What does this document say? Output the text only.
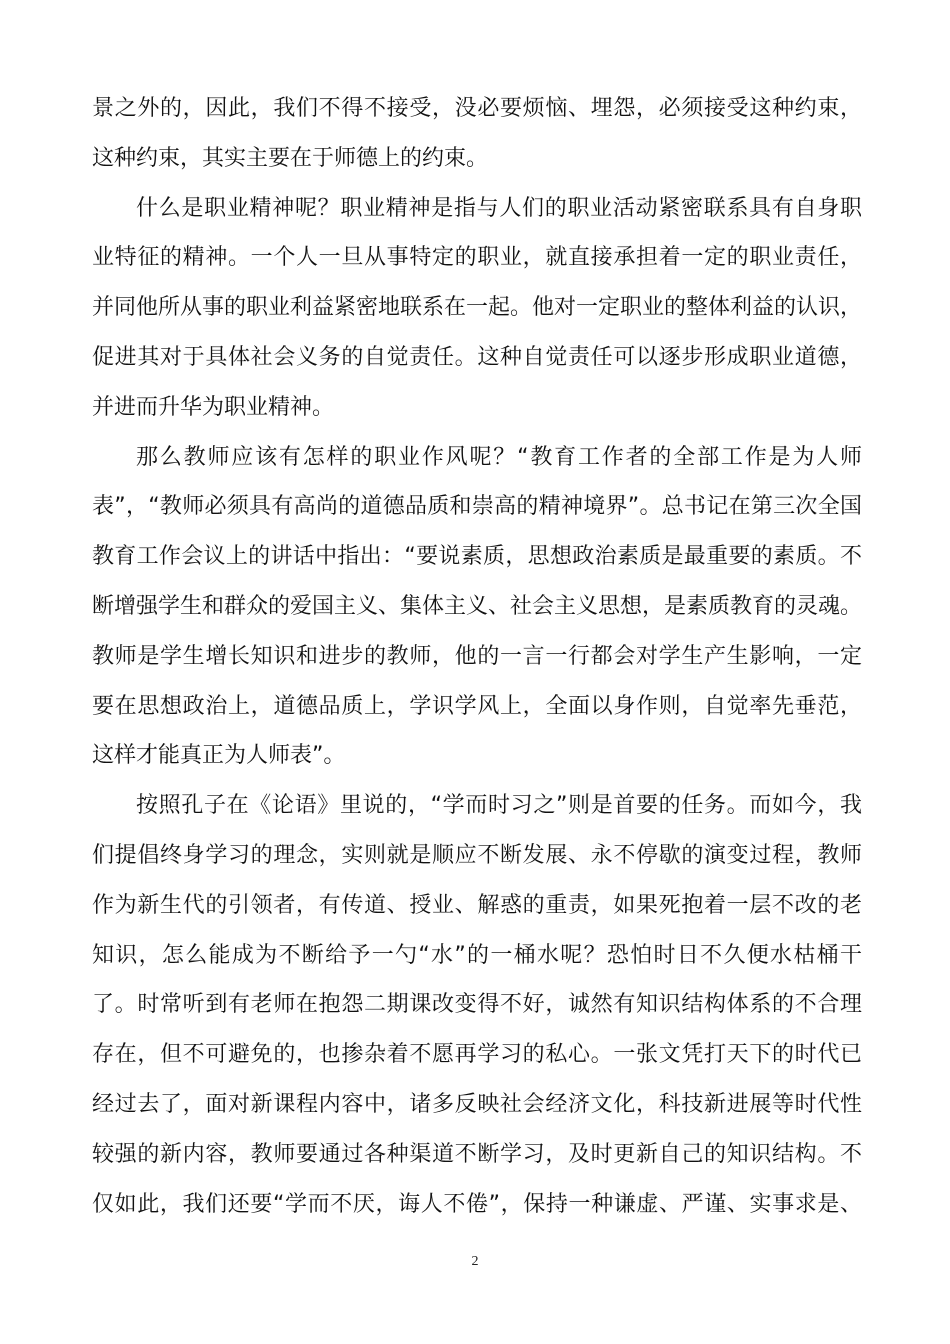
景之外的，因此，我们不得不接受，没必要烦恼、埋怨，必须接受这种约束，
这种约束，其实主要在于师德上的约束。
什么是职业精神呢？职业精神是指与人们的职业活动紧密联系具有自身职
业特征的精神。一个人一旦从事特定的职业，就直接承担着一定的职业责任，
并同他所从事的职业利益紧密地联系在一起。他对一定职业的整体利益的认识，
促进其对于具体社会义务的自觉责任。这种自觉责任可以逐步形成职业道德，
并进而升华为职业精神。
那么教师应该有怎样的职业作风呢？“教育工作者的全部工作是为人师
表”，“教师必须具有高尚的道德品质和崇高的精神境界”。总书记在第三次全国
教育工作会议上的讲话中指出：“要说素质，思想政治素质是最重要的素质。不
断增强学生和群众的爱国主义、集体主义、社会主义思想，是素质教育的灵魂。
教师是学生增长知识和进步的教师，他的一言一行都会对学生产生影响，一定
要在思想政治上，道德品质上，学识学风上，全面以身作则，自觉率先垂范，
这样才能真正为人师表”。
按照孔子在《论语》里说的，“学而时习之”则是首要的任务。而如今，我
们提倡终身学习的理念，实则就是顺应不断发展、永不停歇的演变过程，教师
作为新生代的引领者，有传道、授业、解惑的重责，如果死抱着一层不改的老
知识，怎么能成为不断给予一勺“水”的一桶水呢？恐怕时日不久便水枯桶干
了。时常听到有老师在抱怨二期课改变得不好，诚然有知识结构体系的不合理
存在，但不可避免的，也掺杂着不愿再学习的私心。一张文凭打天下的时代已
经过去了，面对新课程内容中，诸多反映社会经济文化，科技新进展等时代性
较强的新内容，教师要通过各种渠道不断学习，及时更新自己的知识结构。不
仅如此，我们还要“学而不厌，诲人不倦”，保持一种谦虚、严谨、实事求是、
2
